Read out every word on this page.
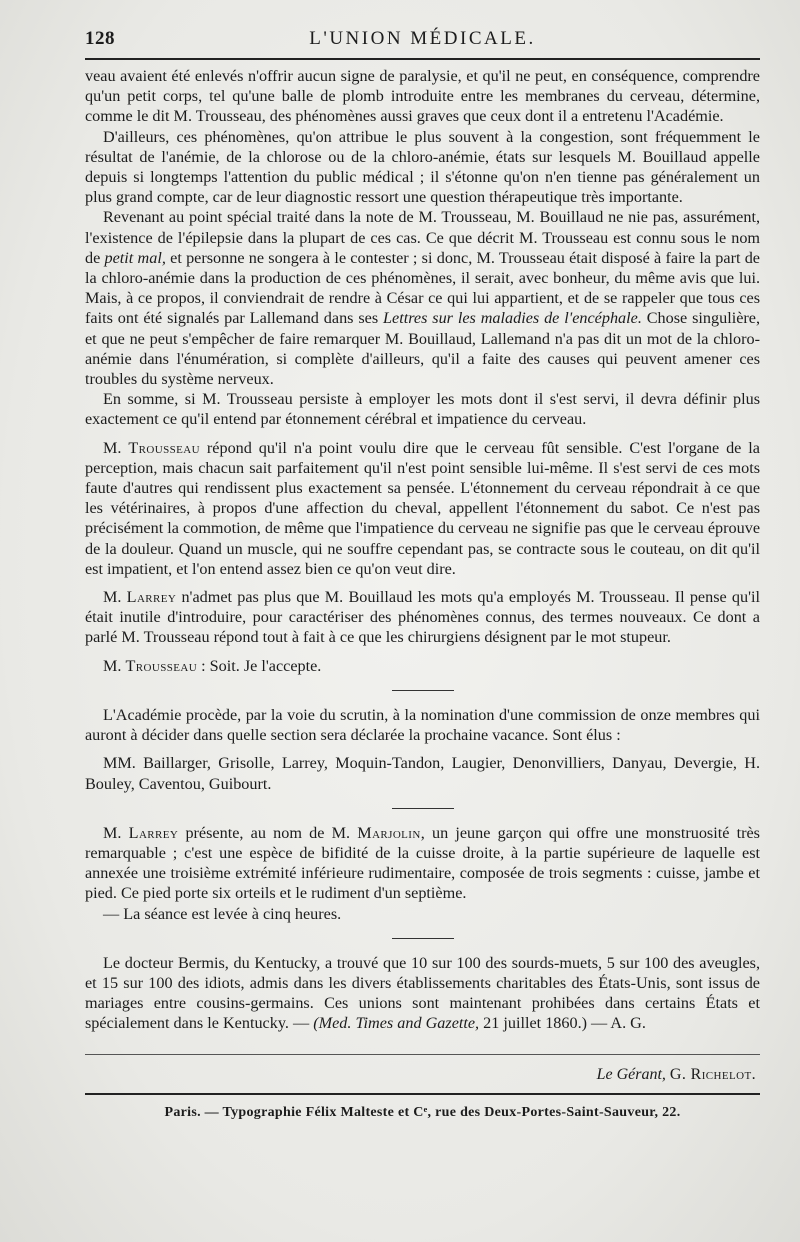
128	L'UNION MÉDICALE.

veau avaient été enlevés n'offrir aucun signe de paralysie, et qu'il ne peut, en conséquence, comprendre qu'un petit corps, tel qu'une balle de plomb introduite entre les membranes du cerveau, détermine, comme le dit M. Trousseau, des phénomènes aussi graves que ceux dont il a entretenu l'Académie.

D'ailleurs, ces phénomènes, qu'on attribue le plus souvent à la congestion, sont fréquemment le résultat de l'anémie, de la chlorose ou de la chloro-anémie, états sur lesquels M. Bouillaud appelle depuis si longtemps l'attention du public médical ; il s'étonne qu'on n'en tienne pas généralement un plus grand compte, car de leur diagnostic ressort une question thérapeutique très importante.

Revenant au point spécial traité dans la note de M. Trousseau, M. Bouillaud ne nie pas, assurément, l'existence de l'épilepsie dans la plupart de ces cas. Ce que décrit M. Trousseau est connu sous le nom de petit mal, et personne ne songera à le contester ; si donc, M. Trousseau était disposé à faire la part de la chloro-anémie dans la production de ces phénomènes, il serait, avec bonheur, du même avis que lui. Mais, à ce propos, il conviendrait de rendre à César ce qui lui appartient, et de se rappeler que tous ces faits ont été signalés par Lallemand dans ses Lettres sur les maladies de l'encéphale. Chose singulière, et que ne peut s'empêcher de faire remarquer M. Bouillaud, Lallemand n'a pas dit un mot de la chloro-anémie dans l'énumération, si complète d'ailleurs, qu'il a faite des causes qui peuvent amener ces troubles du système nerveux.

En somme, si M. Trousseau persiste à employer les mots dont il s'est servi, il devra définir plus exactement ce qu'il entend par étonnement cérébral et impatience du cerveau.

M. Trousseau répond qu'il n'a point voulu dire que le cerveau fût sensible. C'est l'organe de la perception, mais chacun sait parfaitement qu'il n'est point sensible lui-même. Il s'est servi de ces mots faute d'autres qui rendissent plus exactement sa pensée. L'étonnement du cerveau répondrait à ce que les vétérinaires, à propos d'une affection du cheval, appellent l'étonnement du sabot. Ce n'est pas précisément la commotion, de même que l'impatience du cerveau ne signifie pas que le cerveau éprouve de la douleur. Quand un muscle, qui ne souffre cependant pas, se contracte sous le couteau, on dit qu'il est impatient, et l'on entend assez bien ce qu'on veut dire.

M. Larrey n'admet pas plus que M. Bouillaud les mots qu'a employés M. Trousseau. Il pense qu'il était inutile d'introduire, pour caractériser des phénomènes connus, des termes nouveaux. Ce dont a parlé M. Trousseau répond tout à fait à ce que les chirurgiens désignent par le mot stupeur.

M. Trousseau : Soit. Je l'accepte.

L'Académie procède, par la voie du scrutin, à la nomination d'une commission de onze membres qui auront à décider dans quelle section sera déclarée la prochaine vacance. Sont élus :

MM. Baillarger, Grisolle, Larrey, Moquin-Tandon, Laugier, Denonvilliers, Danyau, Devergie, H. Bouley, Caventou, Guibourt.

M. Larrey présente, au nom de M. Marjolin, un jeune garçon qui offre une monstruosité très remarquable ; c'est une espèce de bifidité de la cuisse droite, à la partie supérieure de laquelle est annexée une troisième extrémité inférieure rudimentaire, composée de trois segments : cuisse, jambe et pied. Ce pied porte six orteils et le rudiment d'un septième.

— La séance est levée à cinq heures.

Le docteur Bermis, du Kentucky, a trouvé que 10 sur 100 des sourds-muets, 5 sur 100 des aveugles, et 15 sur 100 des idiots, admis dans les divers établissements charitables des États-Unis, sont issus de mariages entre cousins-germains. Ces unions sont maintenant prohibées dans certains États et spécialement dans le Kentucky. — (Med. Times and Gazette, 21 juillet 1860.) — A. G.

Le Gérant, G. Richelot.
Paris. — Typographie Félix Malteste et Cᵉ, rue des Deux-Portes-Saint-Sauveur, 22.
